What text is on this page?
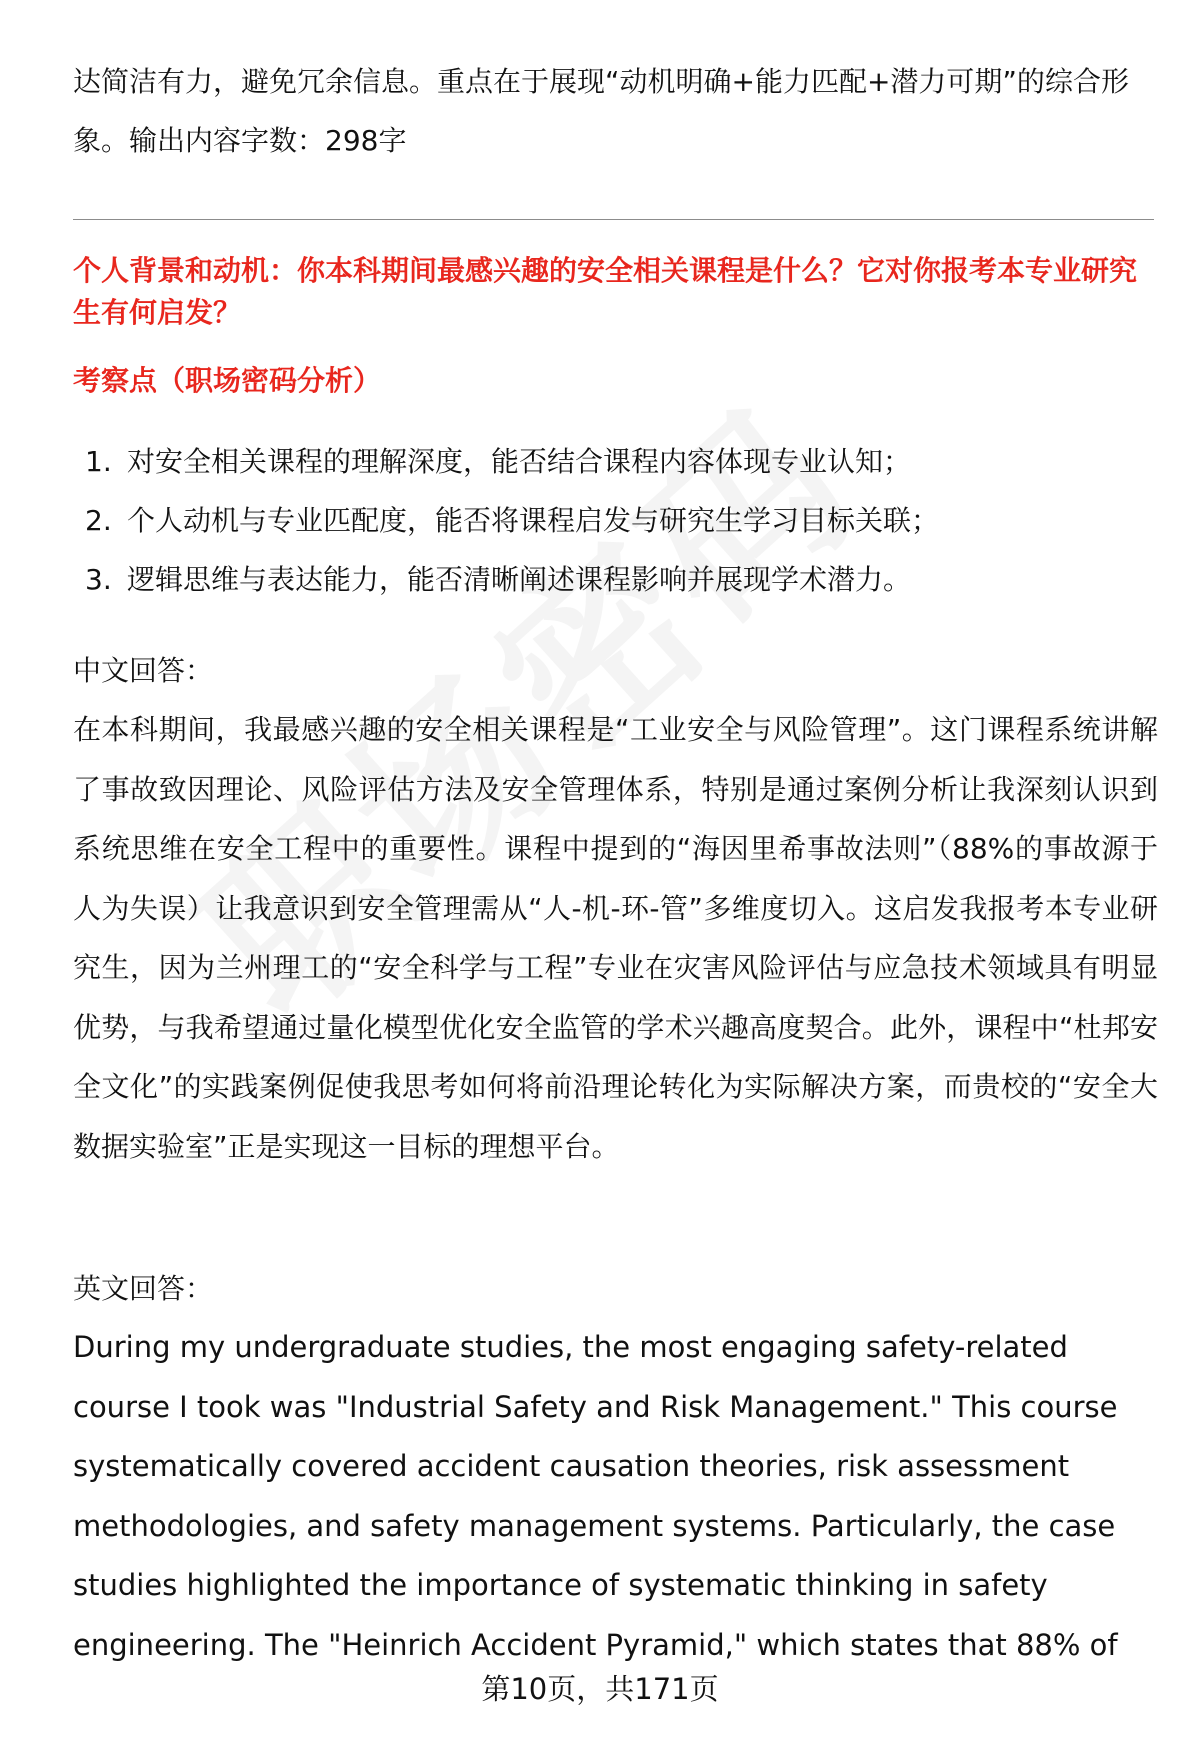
达简洁有力，避免冗余信息。重点在于展现“动机明确+能力匹配+潜力可期”的综合形象。输出内容字数：298字

个人背景和动机：你本科期间最感兴趣的安全相关课程是什么？它对你报考本专业研究生有何启发？

考察点（职场密码分析）

1. 对安全相关课程的理解深度，能否结合课程内容体现专业认知；
2. 个人动机与专业匹配度，能否将课程启发与研究生学习目标关联；
3. 逻辑思维与表达能力，能否清晰阐述课程影响并展现学术潜力。

中文回答：

在本科期间，我最感兴趣的安全相关课程是“工业安全与风险管理”。这门课程系统讲解了事故致因理论、风险评估方法及安全管理体系，特别是通过案例分析让我深刻认识到系统思维在安全工程中的重要性。课程中提到的“海因里希事故法则”（88%的事故源于人为失误）让我意识到安全管理需从“人-机-环-管”多维度切入。这启发我报考本专业研究生，因为兰州理工的“安全科学与工程”专业在灾害风险评估与应急技术领域具有明显优势，与我希望通过量化模型优化安全监管的学术兴趣高度契合。此外，课程中“杜邦安全文化”的实践案例促使我思考如何将前沿理论转化为实际解决方案，而贵校的“安全大数据实验室”正是实现这一目标的理想平台。

英文回答：

During my undergraduate studies, the most engaging safety-related course I took was "Industrial Safety and Risk Management." This course systematically covered accident causation theories, risk assessment methodologies, and safety management systems. Particularly, the case studies highlighted the importance of systematic thinking in safety engineering. The "Heinrich Accident Pyramid," which states that 88% of

第10页，共171页
